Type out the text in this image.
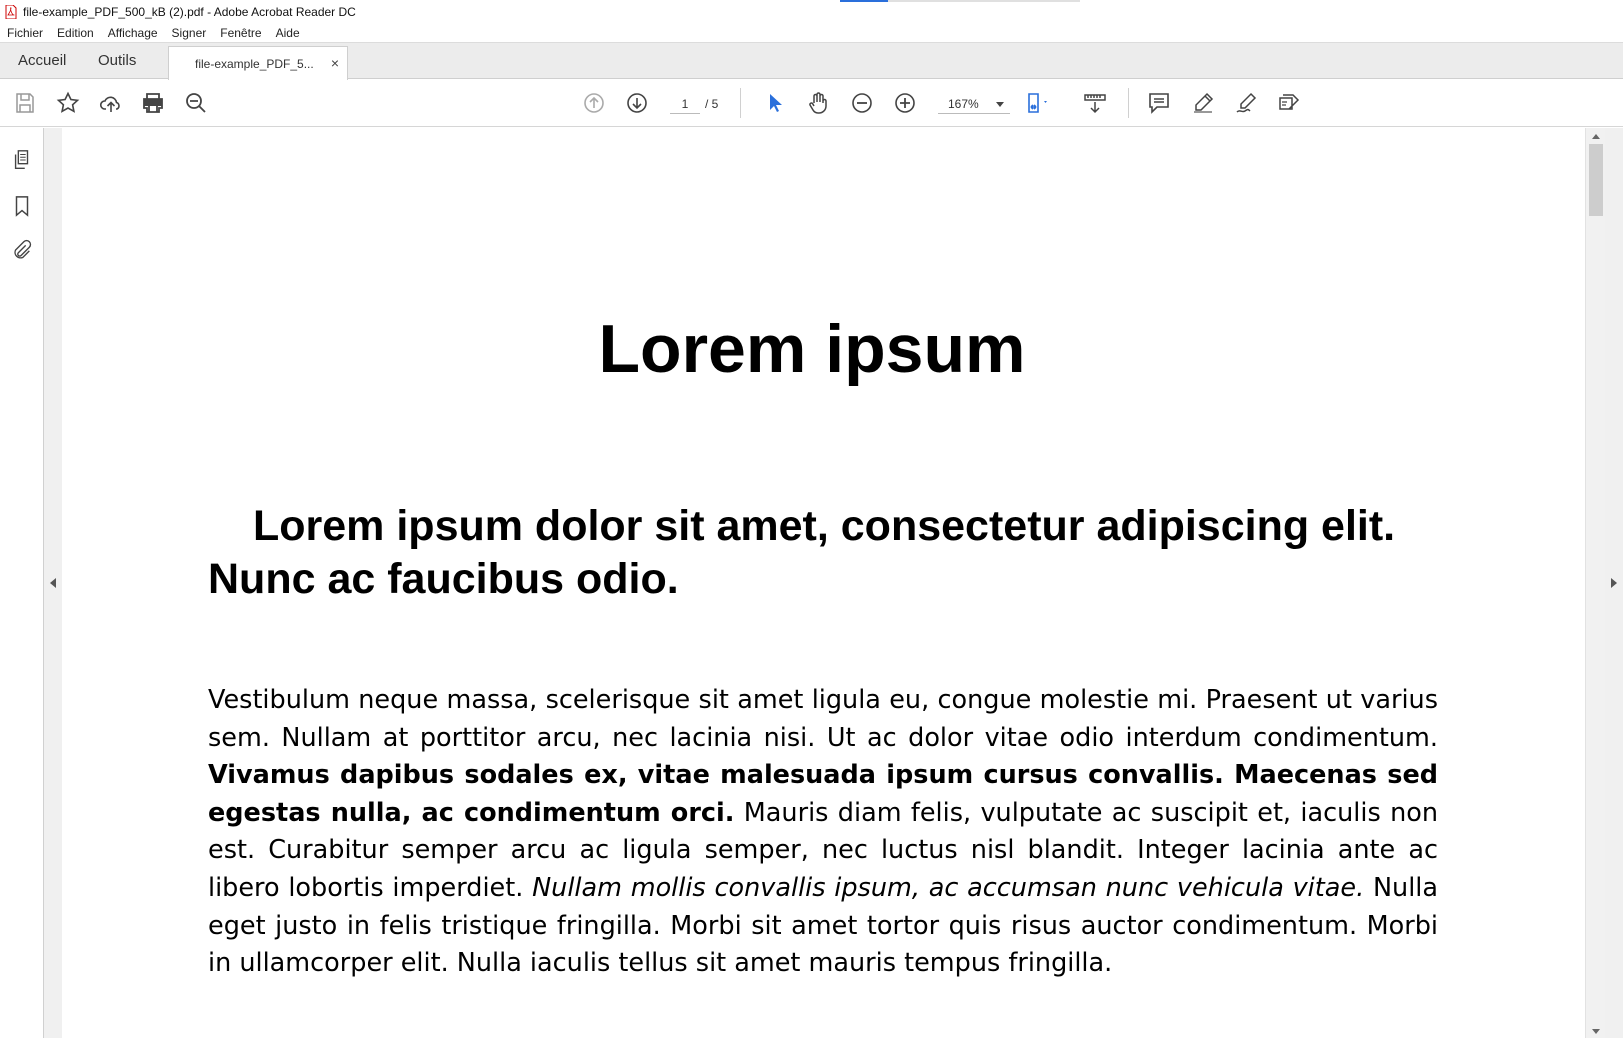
file-example_PDF_500_kB (2).pdf - Adobe Acrobat Reader DC
Fichier	Edition	Affichage	Signer	Fenêtre	Aide
Accueil Outils	file-example_PDF_5... ×
1	/ 5	167%
Lorem ipsum
Lorem ipsum dolor sit amet, consectetur adipiscing elit. Nunc ac faucibus odio.
Vestibulum neque massa, scelerisque sit amet ligula eu, congue molestie mi. Praesent ut varius sem. Nullam at porttitor arcu, nec lacinia nisi. Ut ac dolor vitae odio interdum condimentum. Vivamus dapibus sodales ex, vitae malesuada ipsum cursus convallis. Maecenas sed egestas nulla, ac condimentum orci. Mauris diam felis, vulputate ac suscipit et, iaculis non est. Curabitur semper arcu ac ligula semper, nec luctus nisl blandit. Integer lacinia ante ac libero lobortis imperdiet. Nullam mollis convallis ipsum, ac accumsan nunc vehicula vitae. Nulla eget justo in felis tristique fringilla. Morbi sit amet tortor quis risus auctor condimentum. Morbi in ullamcorper elit. Nulla iaculis tellus sit amet mauris tempus fringilla.
